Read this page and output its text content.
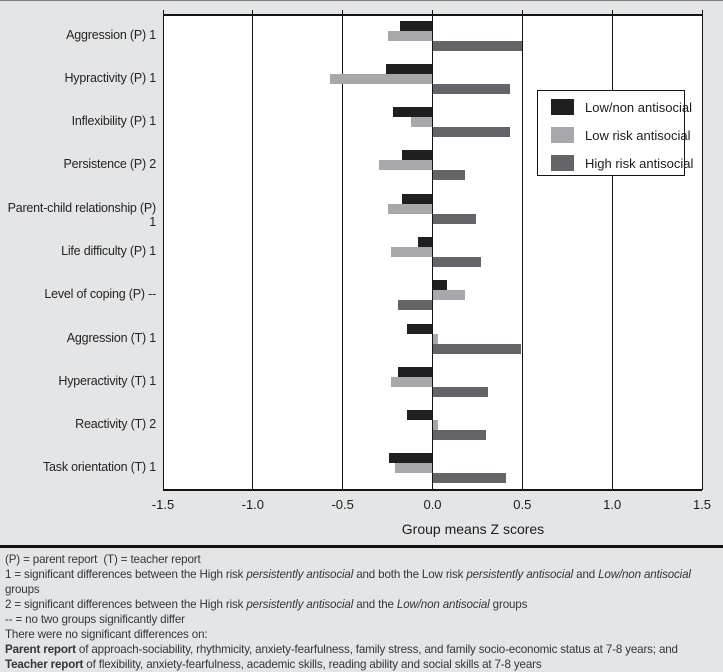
Aggression (P) 1
Hypractivity (P) 1
Inflexibility (P) 1
Persistence (P) 2
Parent-child relationship (P) 1
Life difficulty (P) 1
Level of coping (P) --
Aggression (T) 1
Hyperactivity (T) 1
Reactivity (T) 2
Task orientation (T) 1
-1.5	-1.0	-0.5	0.0	0.5	1.0	1.5
Group means Z scores
Low/non antisocial
Low risk antisocial
High risk antisocial
(P) = parent report  (T) = teacher report
1 = significant differences between the High risk persistently antisocial and both the Low risk persistently antisocial and Low/non antisocial groups
2 = significant differences between the High risk persistently antisocial and the Low/non antisocial groups
-- = no two groups significantly differ
There were no significant differences on:
Parent report of approach-sociability, rhythmicity, anxiety-fearfulness, family stress, and family socio-economic status at 7-8 years; and
Teacher report of flexibility, anxiety-fearfulness, academic skills, reading ability and social skills at 7-8 years
